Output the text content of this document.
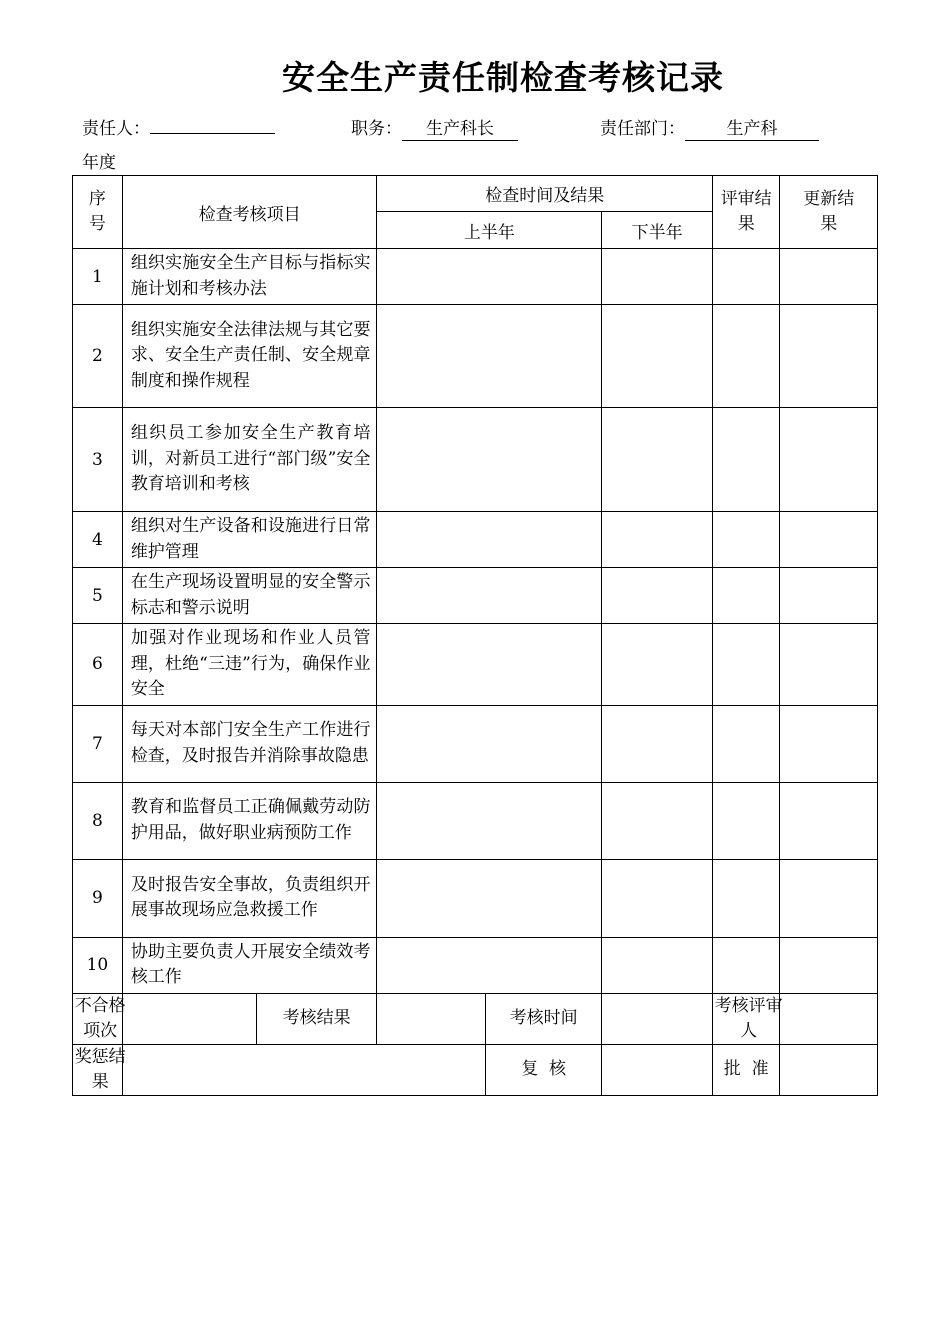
安全生产责任制检查考核记录
责任人：	职务： 生产科长	责任部门： 生产科
年度
序号	检查考核项目		检查时间及结果			评审结果	更新结果

			上半年		下半年		
1	组织实施安全生产目标与指标实施计划和考核办法						
2	组织实施安全法律法规与其它要求、安全生产责任制、安全规章制度和操作规程						
3	组织员工参加安全生产教育培训，对新员工进行“部门级”安全教育培训和考核						
4	组织对生产设备和设施进行日常维护管理						
5	在生产现场设置明显的安全警示标志和警示说明						
6	加强对作业现场和作业人员管理，杜绝“三违”行为，确保作业安全						
7	每天对本部门安全生产工作进行检查，及时报告并消除事故隐患						
8	教育和监督员工正确佩戴劳动防护用品，做好职业病预防工作						
9	及时报告安全事故，负责组织开展事故现场应急救援工作						
10	协助主要负责人开展安全绩效考核工作						

不合格项次		考核结果		考核时间		考核评审人	

奖惩结果				复  核		批  准	
